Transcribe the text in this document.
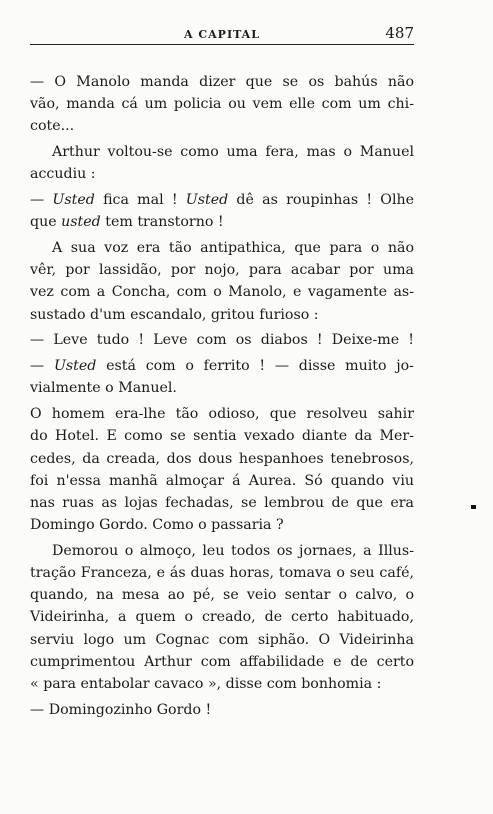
A CAPITAL	487
— O Manolo manda dizer que se os bahús não
vão, manda cá um policia ou vem elle com um chi-
cote...
Arthur voltou-se como uma fera, mas o Manuel
accudiu :
— Usted fica mal ! Usted dê as roupinhas ! Olhe
que usted tem transtorno !
A sua voz era tão antipathica, que para o não
vêr, por lassidão, por nojo, para acabar por uma
vez com a Concha, com o Manolo, e vagamente as-
sustado d'um escandalo, gritou furioso :
— Leve tudo ! Leve com os diabos ! Deixe-me !
— Usted está com o ferrito ! — disse muito jo-
vialmente o Manuel.
O homem era-lhe tão odioso, que resolveu sahir
do Hotel. E como se sentia vexado diante da Mer-
cedes, da creada, dos dous hespanhoes tenebrosos,
foi n'essa manhã almoçar á Aurea. Só quando viu
nas ruas as lojas fechadas, se lembrou de que era
Domingo Gordo. Como o passaria ?
Demorou o almoço, leu todos os jornaes, a Illus-
tração Franceza, e ás duas horas, tomava o seu café,
quando, na mesa ao pé, se veio sentar o calvo, o
Videirinha, a quem o creado, de certo habituado,
serviu logo um Cognac com siphão. O Videirinha
cumprimentou Arthur com affabilidade e de certo
« para entabolar cavaco », disse com bonhomia :
— Domingozinho Gordo !
